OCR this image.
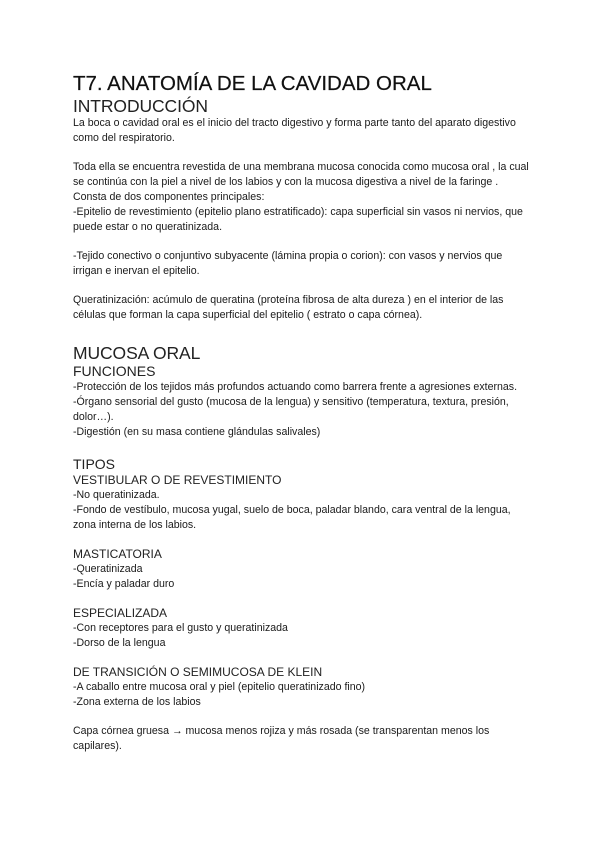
T7. ANATOMÍA DE LA CAVIDAD ORAL
INTRODUCCIÓN

La boca o cavidad oral es el inicio del tracto digestivo y forma parte tanto del aparato digestivo como del respiratorio.

Toda ella se encuentra revestida de una membrana mucosa conocida como mucosa oral , la cual se continúa con la piel a nivel de los labios y con la mucosa digestiva a nivel de la faringe . Consta de dos componentes principales:

-Epitelio de revestimiento (epitelio plano estratificado): capa superficial sin vasos ni nervios, que puede estar o no queratinizada.

-Tejido conectivo o conjuntivo subyacente (lámina propia o corion): con vasos y nervios que irrigan e inervan el epitelio.

Queratinización: acúmulo de queratina (proteína fibrosa de alta dureza ) en el interior de las células que forman la capa superficial del epitelio ( estrato o capa córnea).

MUCOSA ORAL
FUNCIONES

-Protección de los tejidos más profundos actuando como barrera frente a agresiones externas.

-Órgano sensorial del gusto (mucosa de la lengua) y sensitivo (temperatura, textura, presión, dolor…).

-Digestión (en su masa contiene glándulas salivales)

TIPOS
VESTIBULAR O DE REVESTIMIENTO

-No queratinizada.

-Fondo de vestíbulo, mucosa yugal, suelo de boca, paladar blando, cara ventral de la lengua, zona interna de los labios.

MASTICATORIA

-Queratinizada

-Encía y paladar duro

ESPECIALIZADA

-Con receptores para el gusto y queratinizada

-Dorso de la lengua

DE TRANSICIÓN O SEMIMUCOSA DE KLEIN

-A caballo entre mucosa oral y piel (epitelio queratinizado fino)

-Zona externa de los labios

Capa córnea gruesa → mucosa menos rojiza y más rosada (se transparentan menos los capilares).
